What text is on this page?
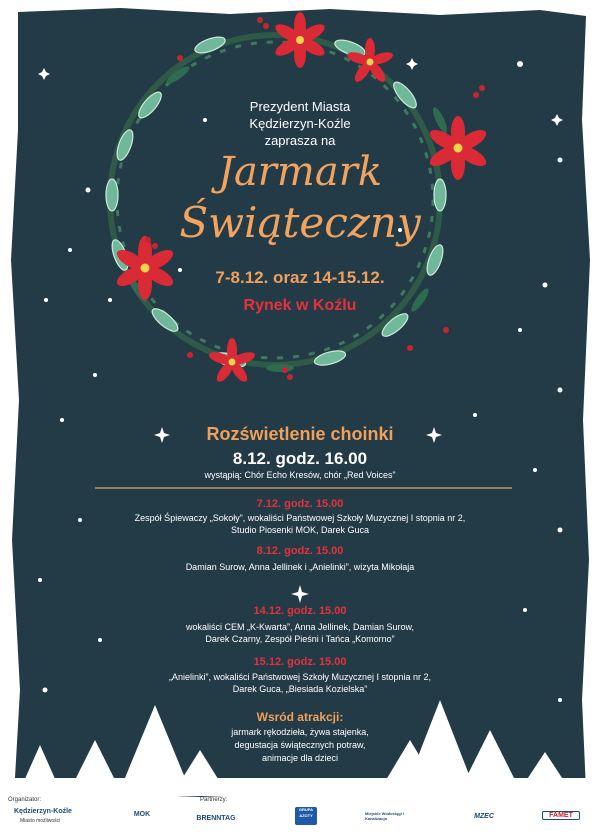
Prezydent Miasta
Kędzierzyn-Koźle
zaprasza na
Jarmark
Świąteczny
7-8.12. oraz 14-15.12.
Rynek w Koźlu
Rozświetlenie choinki
8.12. godz. 16.00
wystąpią: Chór Echo Kresów, chór „Red Voices”
7.12. godz. 15.00
Zespół Śpiewaczy „Sokoły”, wokaliści Państwowej Szkoły Muzycznej I stopnia nr 2,
Studio Piosenki MOK, Darek Guca
8.12. godz. 15.00
Damian Surow, Anna Jellinek i „Anielinki”, wizyta Mikołaja
14.12. godz. 15.00
wokaliści CEM „K-Kwarta”, Anna Jellinek, Damian Surow,
Darek Czarny, Zespół Pieśni i Tańca „Komorno”
15.12. godz. 15.00
„Anielinki”, wokaliści Państwowej Szkoły Muzycznej I stopnia nr 2,
Darek Guca, „Biesiada Kozielska”
Wsród atrakcji:
jarmark rękodzieła, żywa stajenka,
degustacja świątecznych potraw,
animacje dla dzieci
Organizator:
Kędzierzyn-Koźle
Miasto możliwości
Partnerzy:
MOK
BRENNTAG
GRUPA AZOTY	Miejskie Wodociągi i Kanalizacja	MZEC	FAMET
